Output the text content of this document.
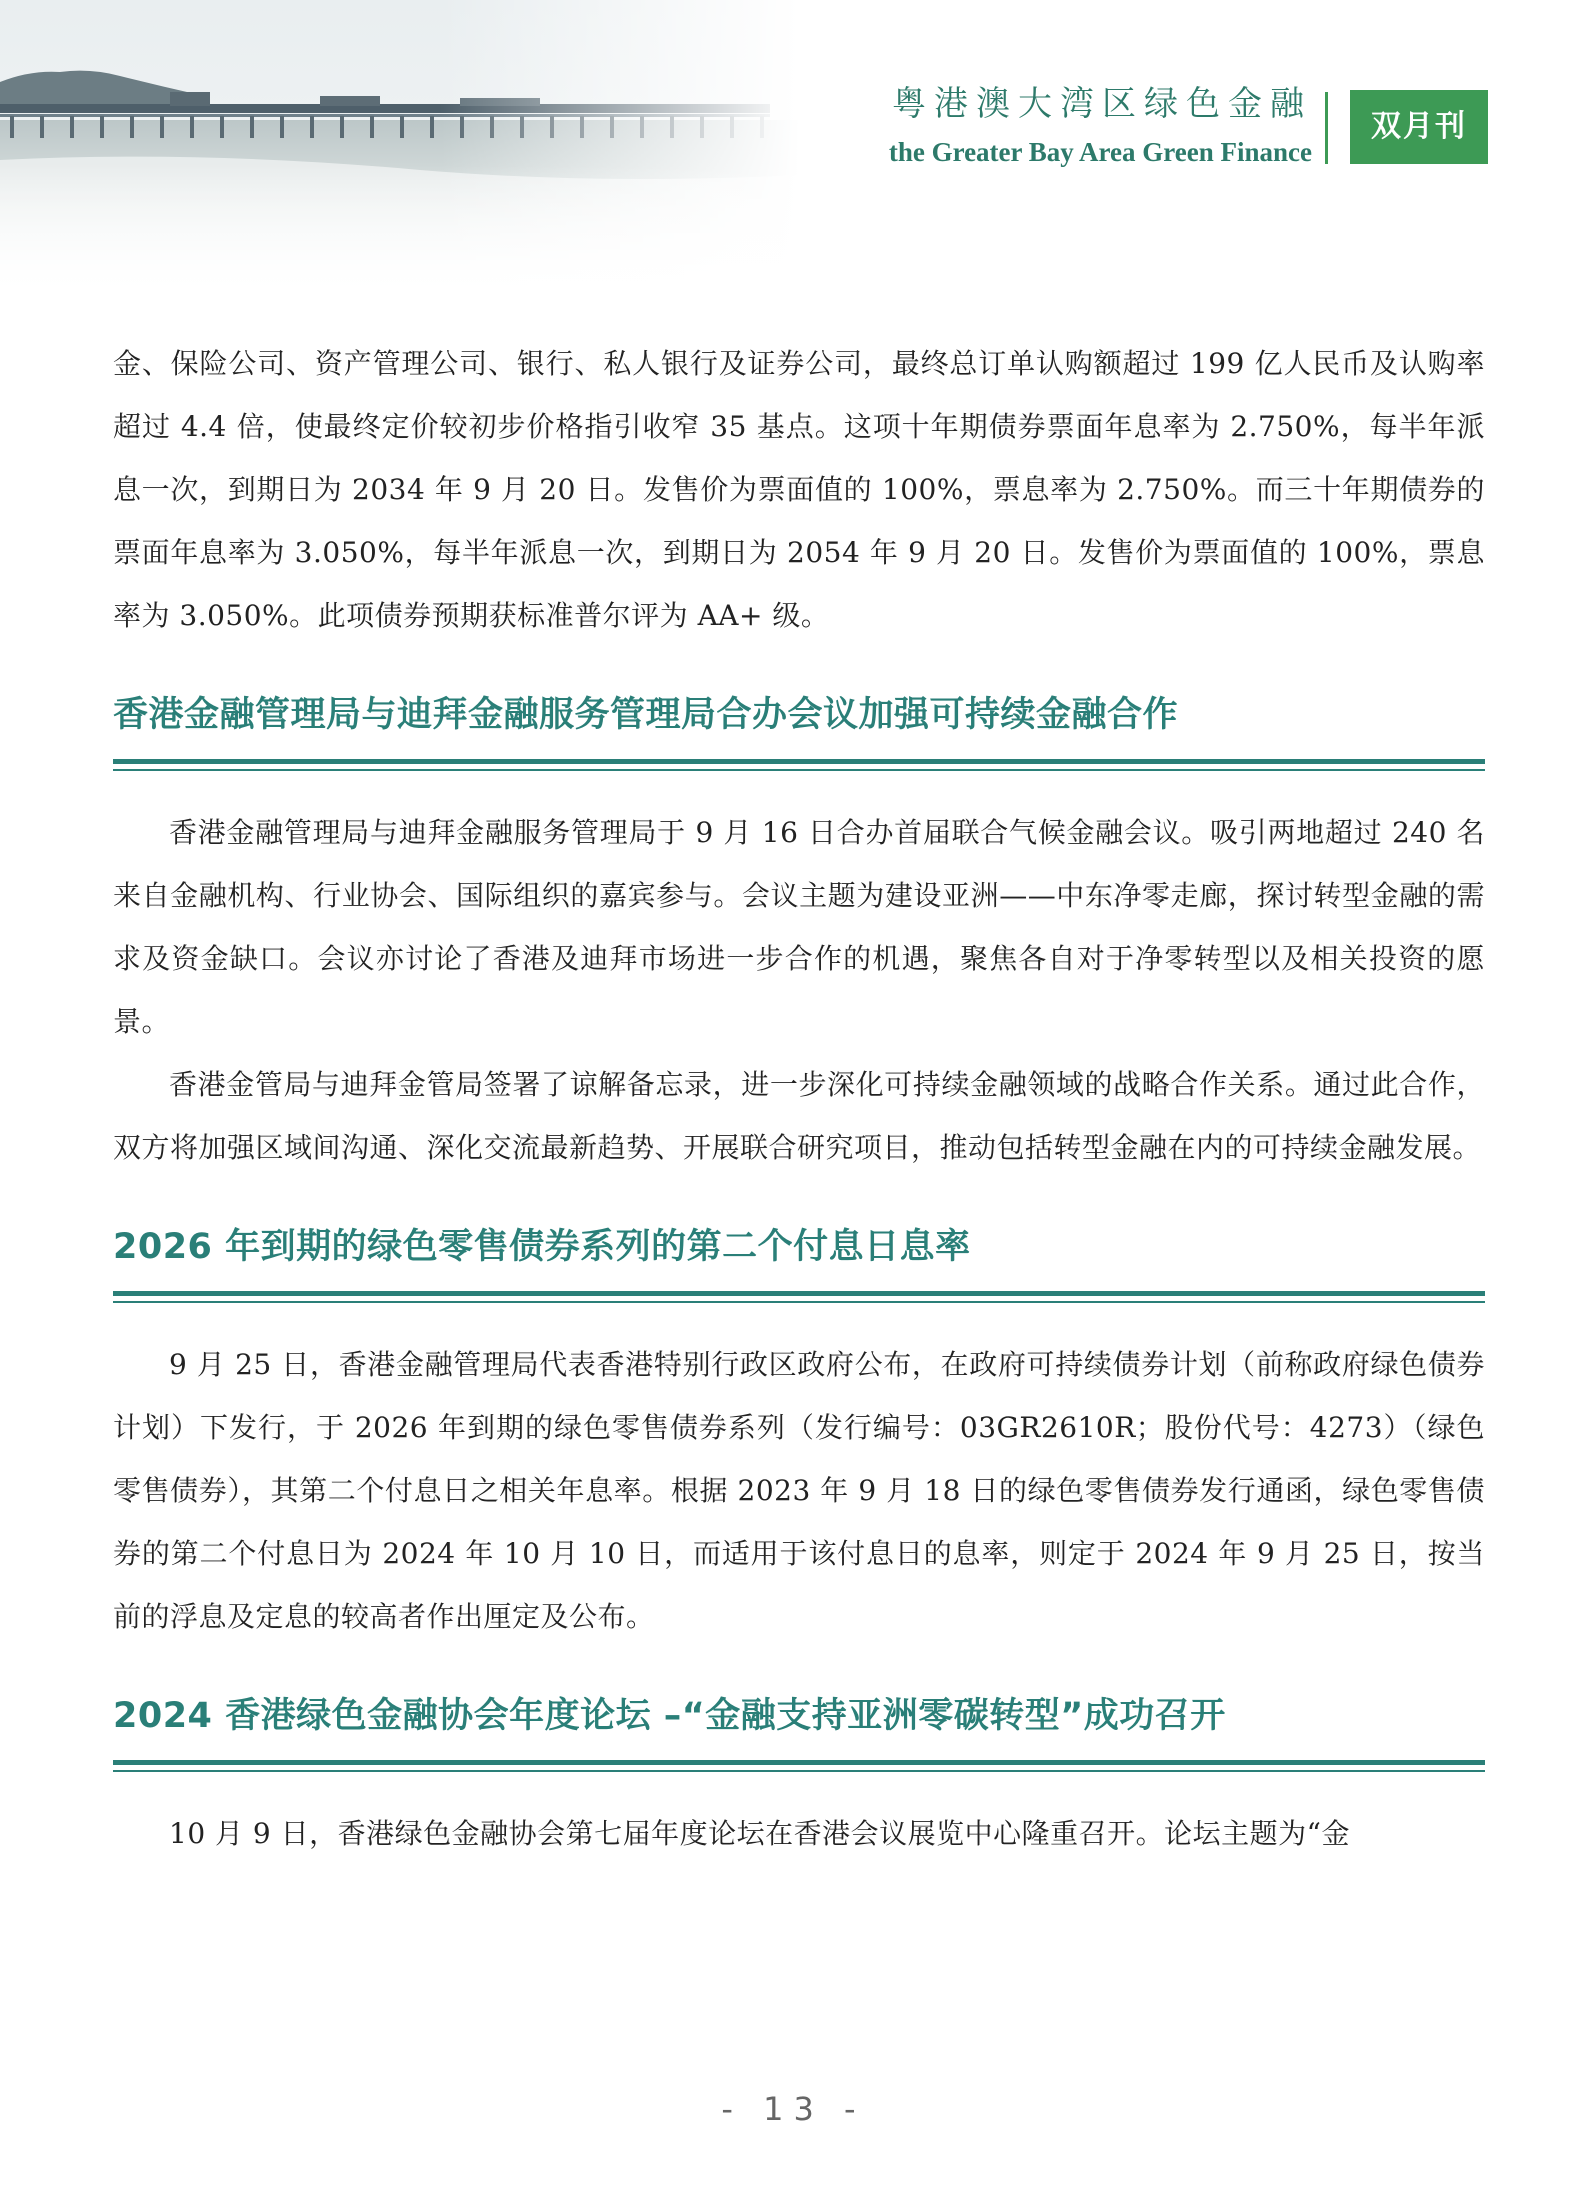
粤港澳大湾区绿色金融
the Greater Bay Area Green Finance
双月刊

金、保险公司、资产管理公司、银行、私人银行及证券公司，最终总订单认购额超过 199 亿人民币及认购率超过 4.4 倍，使最终定价较初步价格指引收窄 35 基点。这项十年期债券票面年息率为 2.750%，每半年派息一次，到期日为 2034 年 9 月 20 日。发售价为票面值的 100%，票息率为 2.750%。而三十年期债券的票面年息率为 3.050%，每半年派息一次，到期日为 2054 年 9 月 20 日。发售价为票面值的 100%，票息率为 3.050%。此项债券预期获标准普尔评为 AA+ 级。

香港金融管理局与迪拜金融服务管理局合办会议加强可持续金融合作

香港金融管理局与迪拜金融服务管理局于 9 月 16 日合办首届联合气候金融会议。吸引两地超过 240 名来自金融机构、行业协会、国际组织的嘉宾参与。会议主题为建设亚洲——中东净零走廊，探讨转型金融的需求及资金缺口。会议亦讨论了香港及迪拜市场进一步合作的机遇，聚焦各自对于净零转型以及相关投资的愿景。

香港金管局与迪拜金管局签署了谅解备忘录，进一步深化可持续金融领域的战略合作关系。通过此合作，双方将加强区域间沟通、深化交流最新趋势、开展联合研究项目，推动包括转型金融在内的可持续金融发展。

2026 年到期的绿色零售债券系列的第二个付息日息率

9 月 25 日，香港金融管理局代表香港特别行政区政府公布，在政府可持续债券计划（前称政府绿色债券计划）下发行，于 2026 年到期的绿色零售债券系列（发行编号：03GR2610R；股份代号：4273）（绿色零售债券），其第二个付息日之相关年息率。根据 2023 年 9 月 18 日的绿色零售债券发行通函，绿色零售债券的第二个付息日为 2024 年 10 月 10 日，而适用于该付息日的息率，则定于 2024 年 9 月 25 日，按当前的浮息及定息的较高者作出厘定及公布。

2024 香港绿色金融协会年度论坛 –“金融支持亚洲零碳转型”成功召开

10 月 9 日，香港绿色金融协会第七届年度论坛在香港会议展览中心隆重召开。论坛主题为“金

- 13 -
